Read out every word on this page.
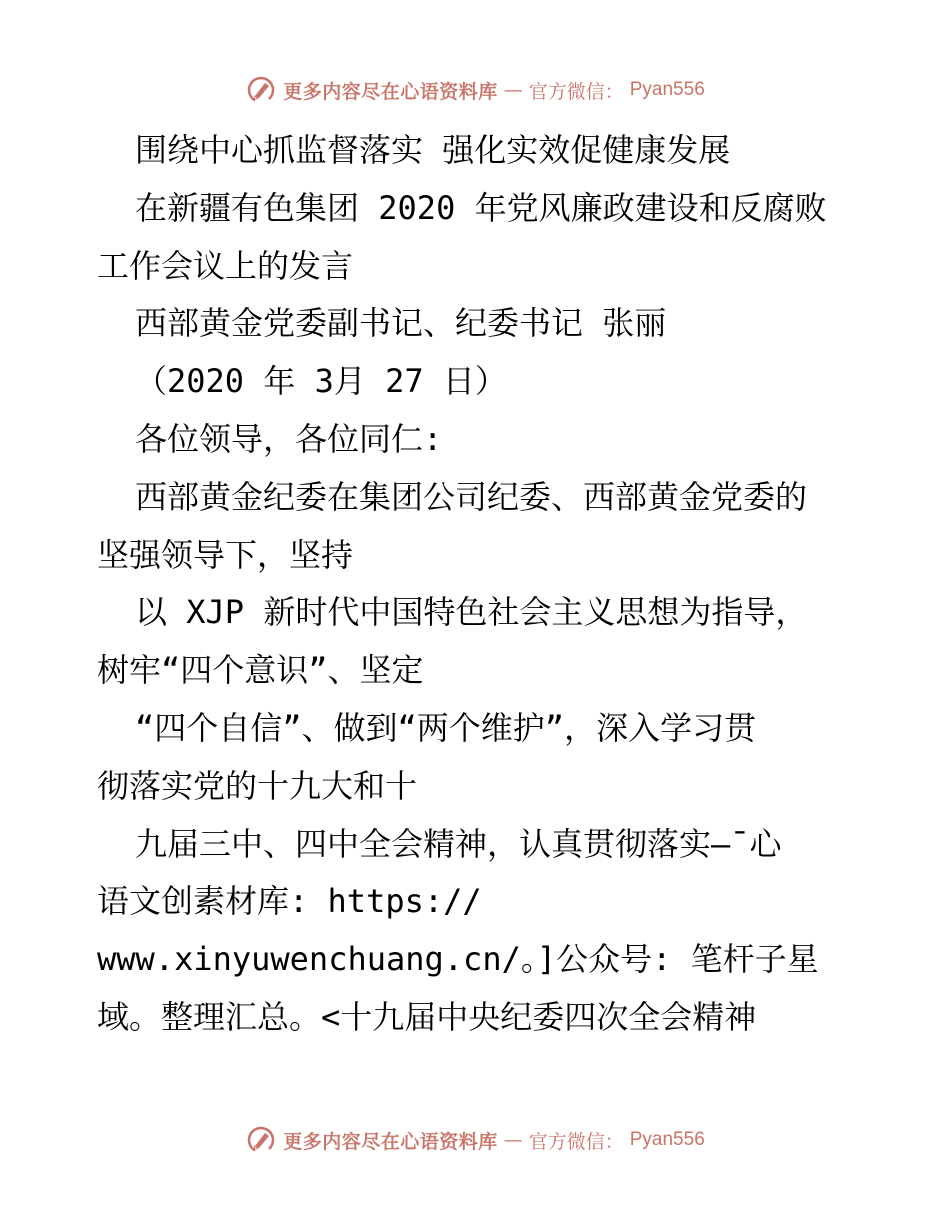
更多内容尽在心语资料库 — 官方微信： Pyan556
围绕中心抓监督落实 强化实效促健康发展
在新疆有色集团 2020 年党风廉政建设和反腐败
工作会议上的发言
西部黄金党委副书记、纪委书记 张丽
（2020 年 3月 27 日）
各位领导，各位同仁:
西部黄金纪委在集团公司纪委、西部黄金党委的
坚强领导下，坚持
以 XJP 新时代中国特色社会主义思想为指导，
树牢“四个意识”、坚定
“四个自信”、做到“两个维护”，深入学习贯
彻落实党的十九大和十
九届三中、四中全会精神，认真贯彻落实—¯心
语文创素材库: https://
www.xinyuwenchuang.cn/。]公众号: 笔杆子星
域。整理汇总。<十九届中央纪委四次全会精神
更多内容尽在心语资料库 — 官方微信： Pyan556
